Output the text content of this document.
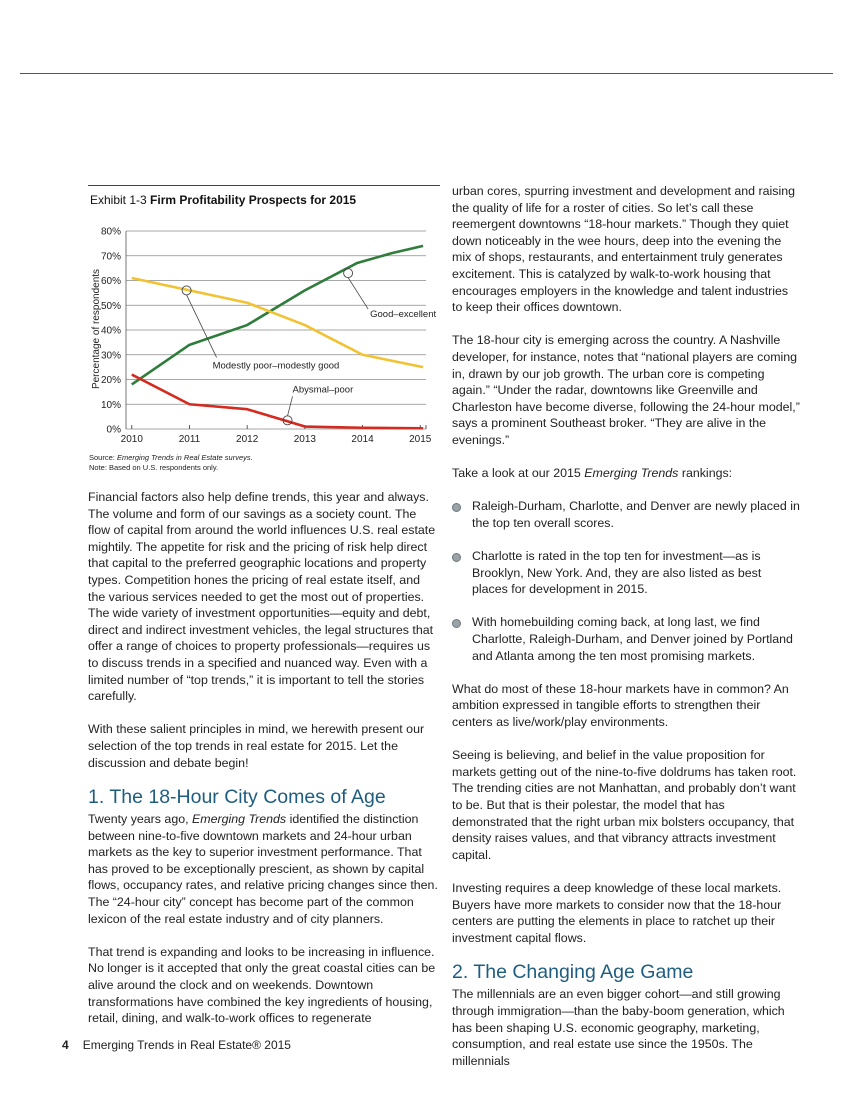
Exhibit 1-3 Firm Profitability Prospects for 2015
0%
10%
20%
30%
40%
50%
60%
70%
80%
2010	2011	2012	2013	2014	2015
Good–excellent
Modestly poor–modestly good
Abysmal–poor
Percentage of respondents
Source: Emerging Trends in Real Estate surveys.
Note: Based on U.S. respondents only.

Financial factors also help define trends, this year and always. The volume and form of our savings as a society count. The flow of capital from around the world influences U.S. real estate mightily. The appetite for risk and the pricing of risk help direct that capital to the preferred geographic locations and property types. Competition hones the pricing of real estate itself, and the various services needed to get the most out of properties. The wide variety of investment opportunities—equity and debt, direct and indirect investment vehicles, the legal structures that offer a range of choices to property professionals—requires us to discuss trends in a specified and nuanced way. Even with a limited number of “top trends,” it is important to tell the stories carefully.

With these salient principles in mind, we herewith present our selection of the top trends in real estate for 2015. Let the discussion and debate begin!

1. The 18-Hour City Comes of Age

Twenty years ago, Emerging Trends identified the distinction between nine-to-five downtown markets and 24-hour urban markets as the key to superior investment performance. That has proved to be exceptionally prescient, as shown by capital flows, occupancy rates, and relative pricing changes since then. The “24-hour city” concept has become part of the common lexicon of the real estate industry and of city planners.

That trend is expanding and looks to be increasing in influence. No longer is it accepted that only the great coastal cities can be alive around the clock and on weekends. Downtown transformations have combined the key ingredients of housing, retail, dining, and walk-to-work offices to regenerate

urban cores, spurring investment and development and raising the quality of life for a roster of cities. So let’s call these reemergent downtowns “18-hour markets.” Though they quiet down noticeably in the wee hours, deep into the evening the mix of shops, restaurants, and entertainment truly generates excitement. This is catalyzed by walk-to-work housing that encourages employers in the knowledge and talent industries to keep their offices downtown.

The 18-hour city is emerging across the country. A Nashville developer, for instance, notes that “national players are coming in, drawn by our job growth. The urban core is competing again.” “Under the radar, downtowns like Greenville and Charleston have become diverse, following the 24-hour model,” says a prominent Southeast broker. “They are alive in the evenings.”

Take a look at our 2015 Emerging Trends rankings:

Raleigh-Durham, Charlotte, and Denver are newly placed in the top ten overall scores.
Charlotte is rated in the top ten for investment—as is Brooklyn, New York. And, they are also listed as best places for development in 2015.
With homebuilding coming back, at long last, we find Charlotte, Raleigh-Durham, and Denver joined by Portland and Atlanta among the ten most promising markets.

What do most of these 18-hour markets have in common? An ambition expressed in tangible efforts to strengthen their centers as live/work/play environments.

Seeing is believing, and belief in the value proposition for markets getting out of the nine-to-five doldrums has taken root. The trending cities are not Manhattan, and probably don’t want to be. But that is their polestar, the model that has demonstrated that the right urban mix bolsters occupancy, that density raises values, and that vibrancy attracts investment capital.

Investing requires a deep knowledge of these local markets. Buyers have more markets to consider now that the 18-hour centers are putting the elements in place to ratchet up their investment capital flows.

2. The Changing Age Game

The millennials are an even bigger cohort—and still growing through immigration—than the baby-boom generation, which has been shaping U.S. economic geography, marketing, consumption, and real estate use since the 1950s. The millennials

4 Emerging Trends in Real Estate® 2015
